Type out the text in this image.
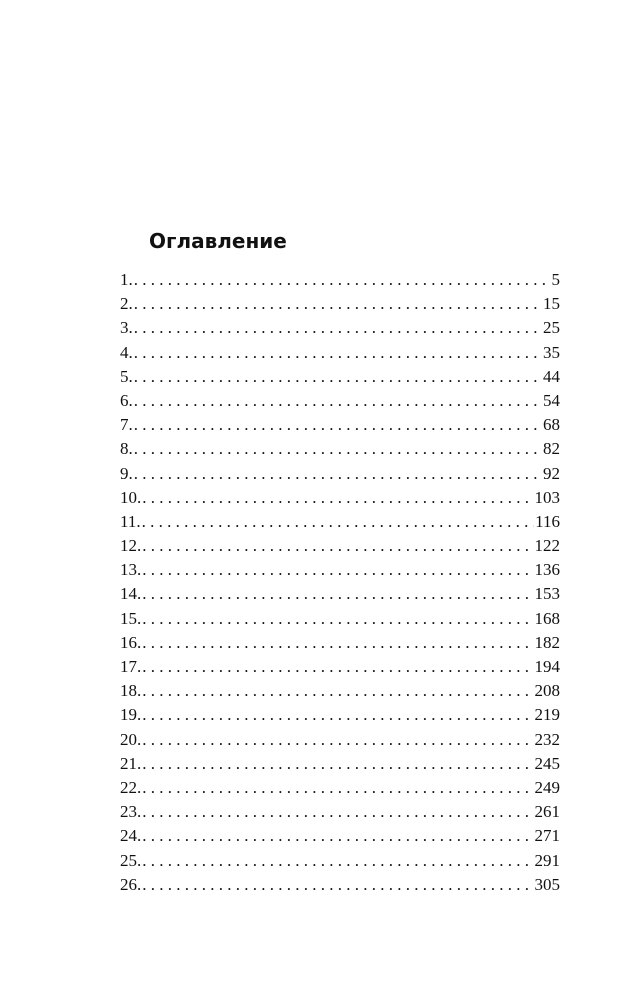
Оглавление
1. . . .	5
2. . . .	15
3. . . .	25
4. . . .	35
5. . . .	44
6. . . .	54
7. . . .	68
8. . . .	82
9. . . .	92
10. . . .	103
11. . . .	116
12. . . .	122
13. . . .	136
14. . . .	153
15. . . .	168
16. . . .	182
17. . . .	194
18. . . .	208
19. . . .	219
20. . . .	232
21. . . .	245
22. . . .	249
23. . . .	261
24. . . .	271
25. . . .	291
26. . . .	305
